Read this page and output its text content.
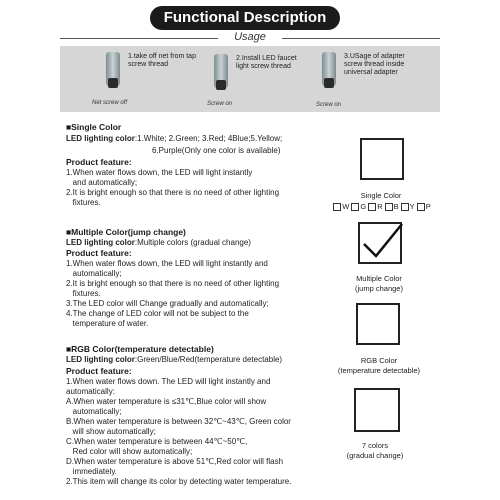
Functional Description
Usage
1.take off net from tap screw thread
Net screw off
2.Install LED faucet light screw thread
Screw on
3.USage of adapter screw thread inside universal adapter
Screw on
■Single Color
LED lighting color:1.White; 2.Green; 3.Red; 4Blue;5.Yellow;
6.Purple(Only one color is available)
Product feature:
1.When water flows down, the LED will light instantly
and automatically;
2.It is bright enough so that there is no need of other lighting
fixtures.
Single Color
W G R B Y P
■Multiple Color(jump change)
LED lighting color:Multiple colors (gradual change)
Product feature:
1.When water flows down, the LED will light instantly and
automatically;
2.It is bright enough so that there is no need of other lighting
fixtures.
3.The LED color will Change gradually and automatically;
4.The change of LED color will not be subject to the
temperature of water.
Multiple Color
(jump change)
■RGB Color(temperature detectable)
LED lighting color:Green/Blue/Red(temperature detectable)
Product feature:
1.When water flows down. The LED will light instantly and
automatically:
A.When water temperature is ≤31℃,Blue color will show
automatically;
B.When water temperature is between 32℃~43℃, Green color
will show automatically;
C.When water temperature is between 44℃~50℃,
Red color will show automatically;
D.When water temperature is above 51℃,Red color will flash
immediately.
2.This item will change its color by detecting water temperature.
RGB Color
(temperature detectable)
7 colors
(gradual change)
